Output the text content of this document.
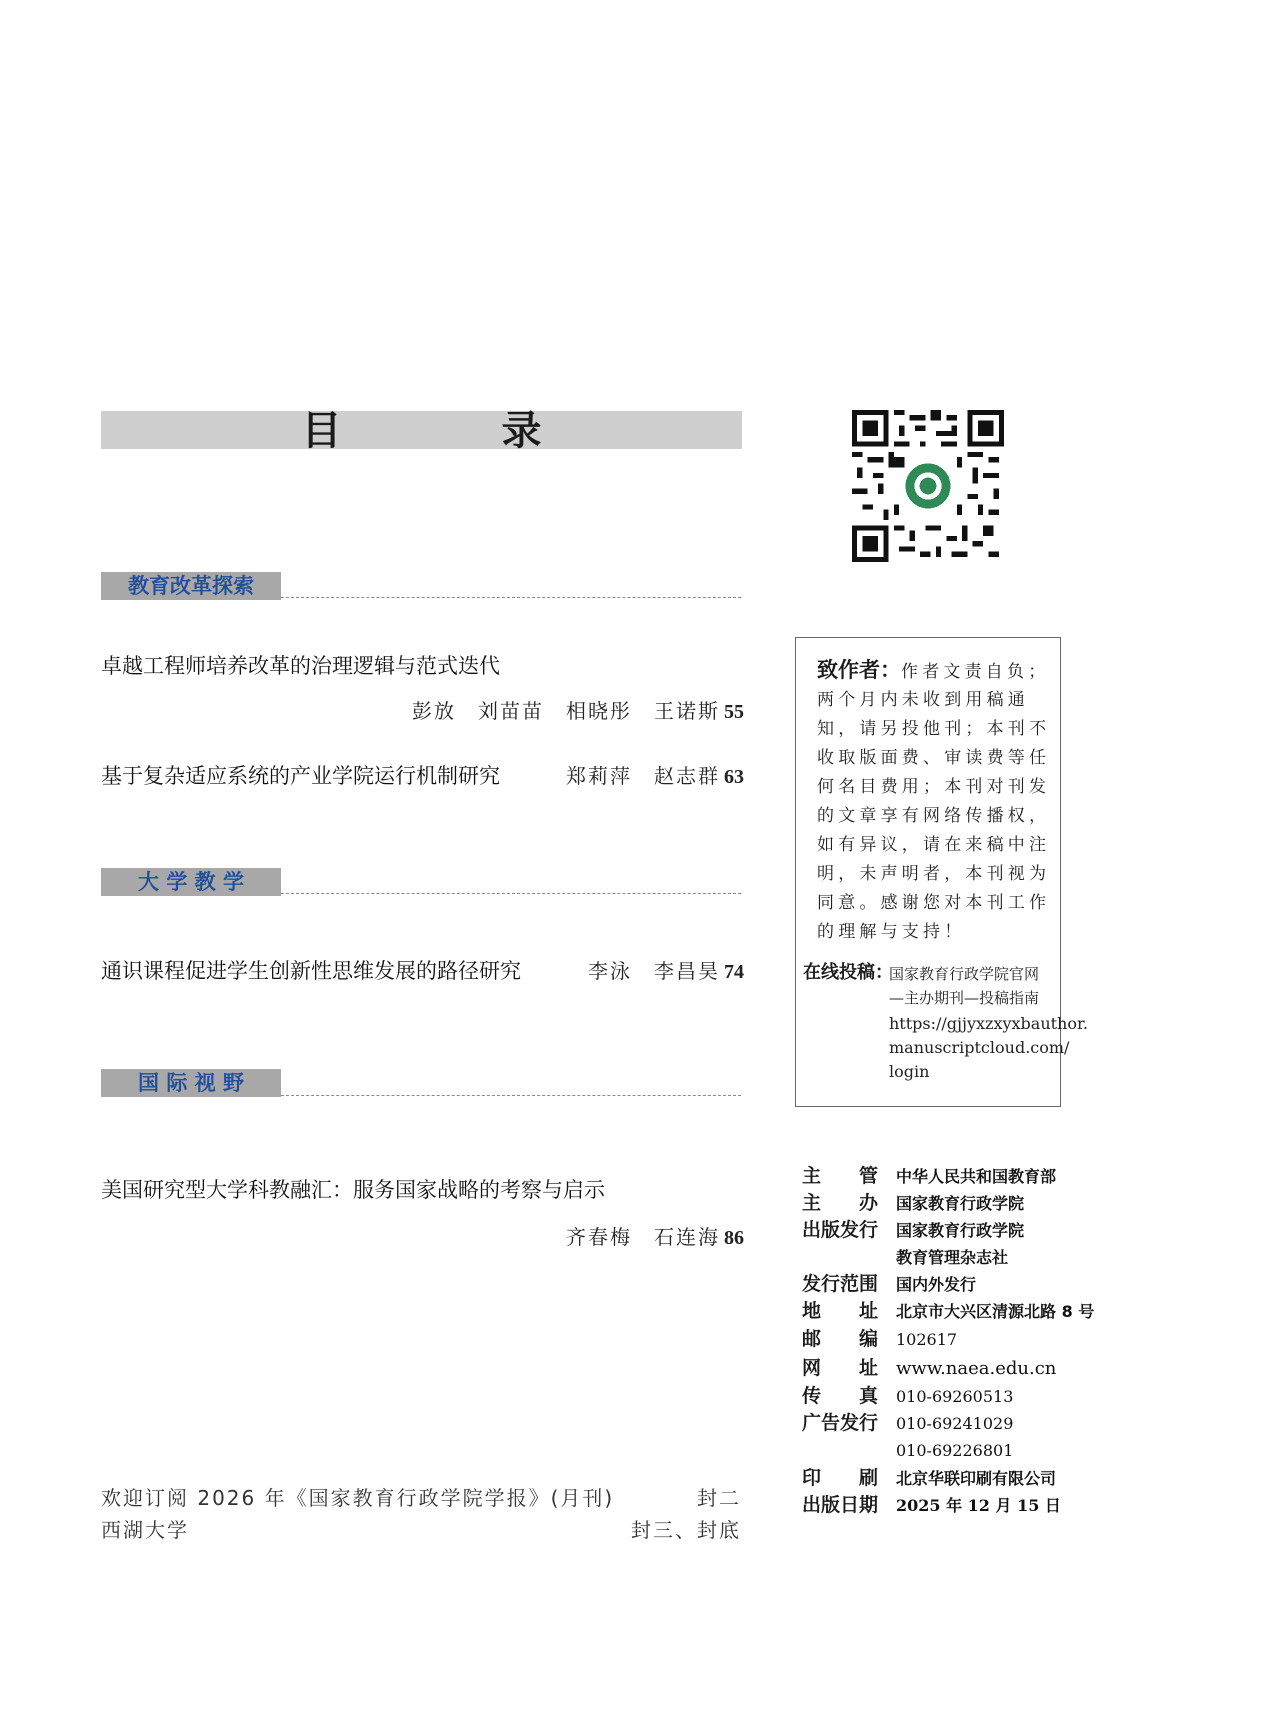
目　录
教育改革探索
卓越工程师培养改革的治理逻辑与范式迭代
彭放　刘苗苗　相晓彤　王诺斯 55
基于复杂适应系统的产业学院运行机制研究	郑莉萍　赵志群 63
大 学 教 学
通识课程促进学生创新性思维发展的路径研究	李泳　李昌昊 74
国 际 视 野
美国研究型大学科教融汇：服务国家战略的考察与启示
齐春梅　石连海 86
欢迎订阅 2026 年《国家教育行政学院学报》(月刊)	封二
西湖大学	封三、封底
致作者：作者文责自负；
两个月内未收到用稿通
知，请另投他刊；本刊不
收取版面费、审读费等任
何名目费用；本刊对刊发
的文章享有网络传播权，
如有异议，请在来稿中注
明，未声明者，本刊视为
同意。感谢您对本刊工作
的理解与支持！
在线投稿：
国家教育行政学院官网
—主办期刊—投稿指南
https://gjjyxzxyxbauthor.
manuscriptcloud.com/
login
主　管 中华人民共和国教育部
主　办 国家教育行政学院
出版发行 国家教育行政学院
教育管理杂志社
发行范围 国内外发行
地　址 北京市大兴区清源北路 8 号
邮　编 102617
网　址 www.naea.edu.cn
传　真 010-69260513
广告发行 010-69241029
010-69226801
印　刷 北京华联印刷有限公司
出版日期 2025 年 12 月 15 日
